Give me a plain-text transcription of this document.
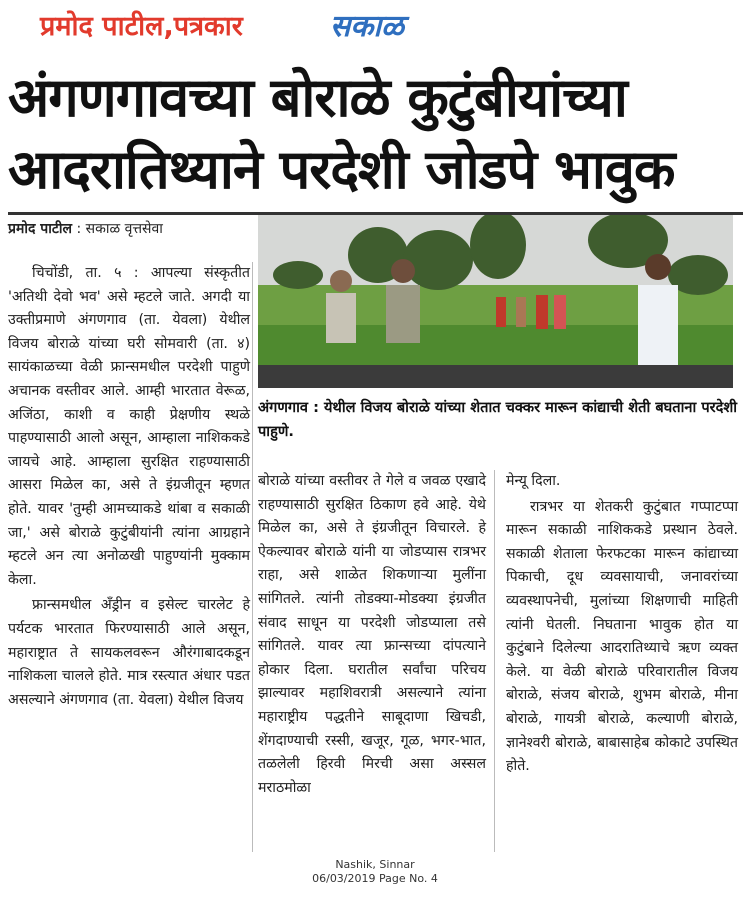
प्रमोद पाटील,पत्रकार	सकाळ
अंगणगावच्या बोराळे कुटुंबीयांच्या
आदरातिथ्याने परदेशी जोडपे भावुक
प्रमोद पाटील : सकाळ वृत्तसेवा

चिचोंडी, ता. ५ : आपल्या संस्कृतीत 'अतिथी देवो भव' असे म्हटले जाते. अगदी या उक्तीप्रमाणे अंगणगाव (ता. येवला) येथील विजय बोराळे यांच्या घरी सोमवारी (ता. ४) सायंकाळच्या वेळी फ्रान्समधील परदेशी पाहुणे अचानक वस्तीवर आले. आम्ही भारतात वेरूळ, अजिंठा, काशी व काही प्रेक्षणीय स्थळे पाहण्यासाठी आलो असून, आम्हाला नाशिककडे जायचे आहे. आम्हाला सुरक्षित राहण्यासाठी आसरा मिळेल का, असे ते इंग्रजीतून म्हणत होते. यावर 'तुम्ही आमच्याकडे थांबा व सकाळी जा,' असे बोराळे कुटुंबीयांनी त्यांना आग्रहाने म्हटले अन त्या अनोळखी पाहुण्यांनी मुक्काम केला.

फ्रान्समधील अँड्रीन व इसेल्ट चारलेट हे पर्यटक भारतात फिरण्यासाठी आले असून, महाराष्ट्रात ते सायकलवरून औरंगाबादकडून नाशिकला चालले होते. मात्र रस्त्यात अंधार पडत असल्याने अंगणगाव (ता. येवला) येथील विजय

अंगणगाव : येथील विजय बोराळे यांच्या शेतात चक्कर मारून कांद्याची शेती बघताना परदेशी पाहुणे.

बोराळे यांच्या वस्तीवर ते गेले व जवळ एखादे राहण्यासाठी सुरक्षित ठिकाण हवे आहे. येथे मिळेल का, असे ते इंग्रजीतून विचारले. हे ऐकल्यावर बोराळे यांनी या जोडप्यास रात्रभर राहा, असे शाळेत शिकणाऱ्या मुलींना सांगितले. त्यांनी तोडक्या-मोडक्या इंग्रजीत संवाद साधून या परदेशी जोडप्याला तसे सांगितले. यावर त्या फ्रान्सच्या दांपत्याने होकार दिला. घरातील सर्वांचा परिचय झाल्यावर महाशिवरात्री असल्याने त्यांना महाराष्ट्रीय पद्धतीने साबूदाणा खिचडी, शेंगदाण्याची रस्सी, खजूर, गूळ, भगर-भात, तळलेली हिरवी मिरची असा अस्सल मराठमोळा

मेन्यू दिला.

रात्रभर या शेतकरी कुटुंबात गप्पाटप्पा मारून सकाळी नाशिककडे प्रस्थान ठेवले. सकाळी शेताला फेरफटका मारून कांद्याच्या पिकाची, दूध व्यवसायाची, जनावरांच्या व्यवस्थापनेची, मुलांच्या शिक्षणाची माहिती त्यांनी घेतली. निघताना भावुक होत या कुटुंबाने दिलेल्या आदरातिथ्याचे ऋण व्यक्त केले. या वेळी बोराळे परिवारातील विजय बोराळे, संजय बोराळे, शुभम बोराळे, मीना बोराळे, गायत्री बोराळे, कल्याणी बोराळे, ज्ञानेश्वरी बोराळे, बाबासाहेब कोकाटे उपस्थित होते.

Nashik, Sinnar
06/03/2019 Page No. 4
